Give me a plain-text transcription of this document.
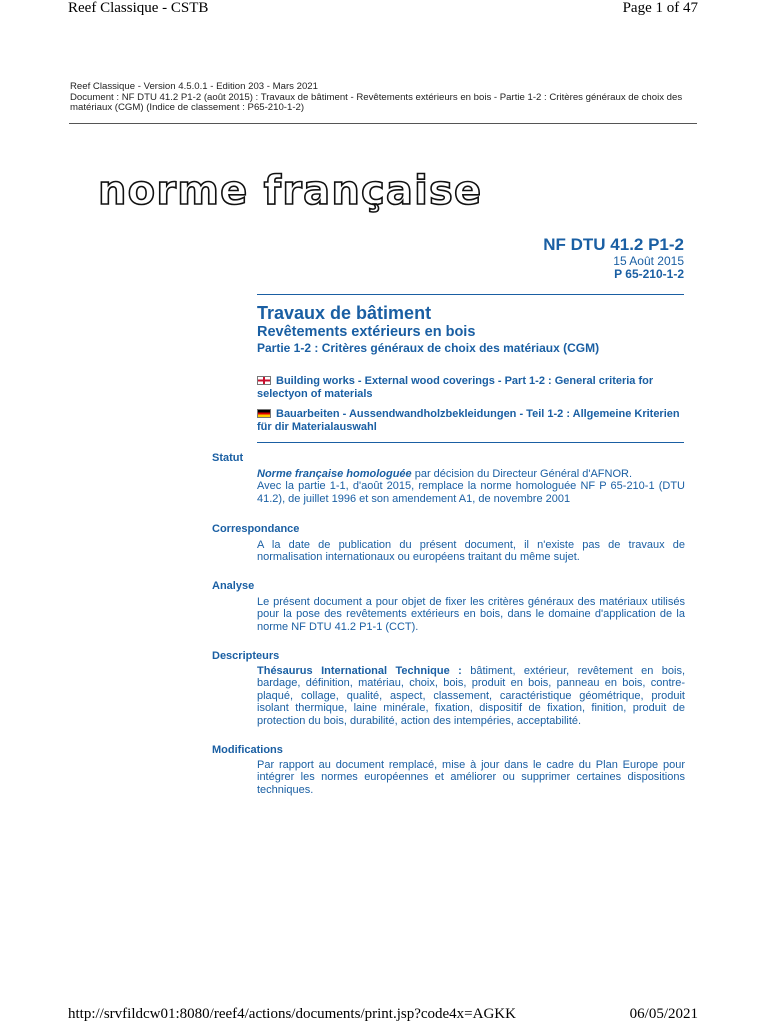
Reef Classique - CSTB	Page 1 of 47
Reef Classique - Version 4.5.0.1 - Edition 203 - Mars 2021
Document : NF DTU 41.2 P1-2 (août 2015) : Travaux de bâtiment - Revêtements extérieurs en bois - Partie 1-2 : Critères généraux de choix des matériaux (CGM) (Indice de classement : P65-210-1-2)
norme française
NF DTU 41.2 P1-2
15 Août 2015
P 65-210-1-2
Travaux de bâtiment
Revêtements extérieurs en bois
Partie 1-2 : Critères généraux de choix des matériaux (CGM)
Building works - External wood coverings - Part 1-2 : General criteria for selectyon of materials
Bauarbeiten - Aussendwandholzbekleidungen - Teil 1-2 : Allgemeine Kriterien für dir Materialauswahl
Statut

Norme française homologuée par décision du Directeur Général d'AFNOR.

Avec la partie 1-1, d'août 2015, remplace la norme homologuée NF P 65-210-1 (DTU 41.2), de juillet 1996 et son amendement A1, de novembre 2001

Correspondance
A la date de publication du présent document, il n'existe pas de travaux de normalisation internationaux ou européens traitant du même sujet.
Analyse
Le présent document a pour objet de fixer les critères généraux des matériaux utilisés pour la pose des revêtements extérieurs en bois, dans le domaine d'application de la norme NF DTU 41.2 P1-1 (CCT).
Descripteurs
Thésaurus International Technique : bâtiment, extérieur, revêtement en bois, bardage, définition, matériau, choix, bois, produit en bois, panneau en bois, contre-plaqué, collage, qualité, aspect, classement, caractéristique géométrique, produit isolant thermique, laine minérale, fixation, dispositif de fixation, finition, produit de protection du bois, durabilité, action des intempéries, acceptabilité.
Modifications
Par rapport au document remplacé, mise à jour dans le cadre du Plan Europe pour intégrer les normes européennes et améliorer ou supprimer certaines dispositions techniques.
http://srvfildcw01:8080/reef4/actions/documents/print.jsp?code4x=AGKK	06/05/2021
